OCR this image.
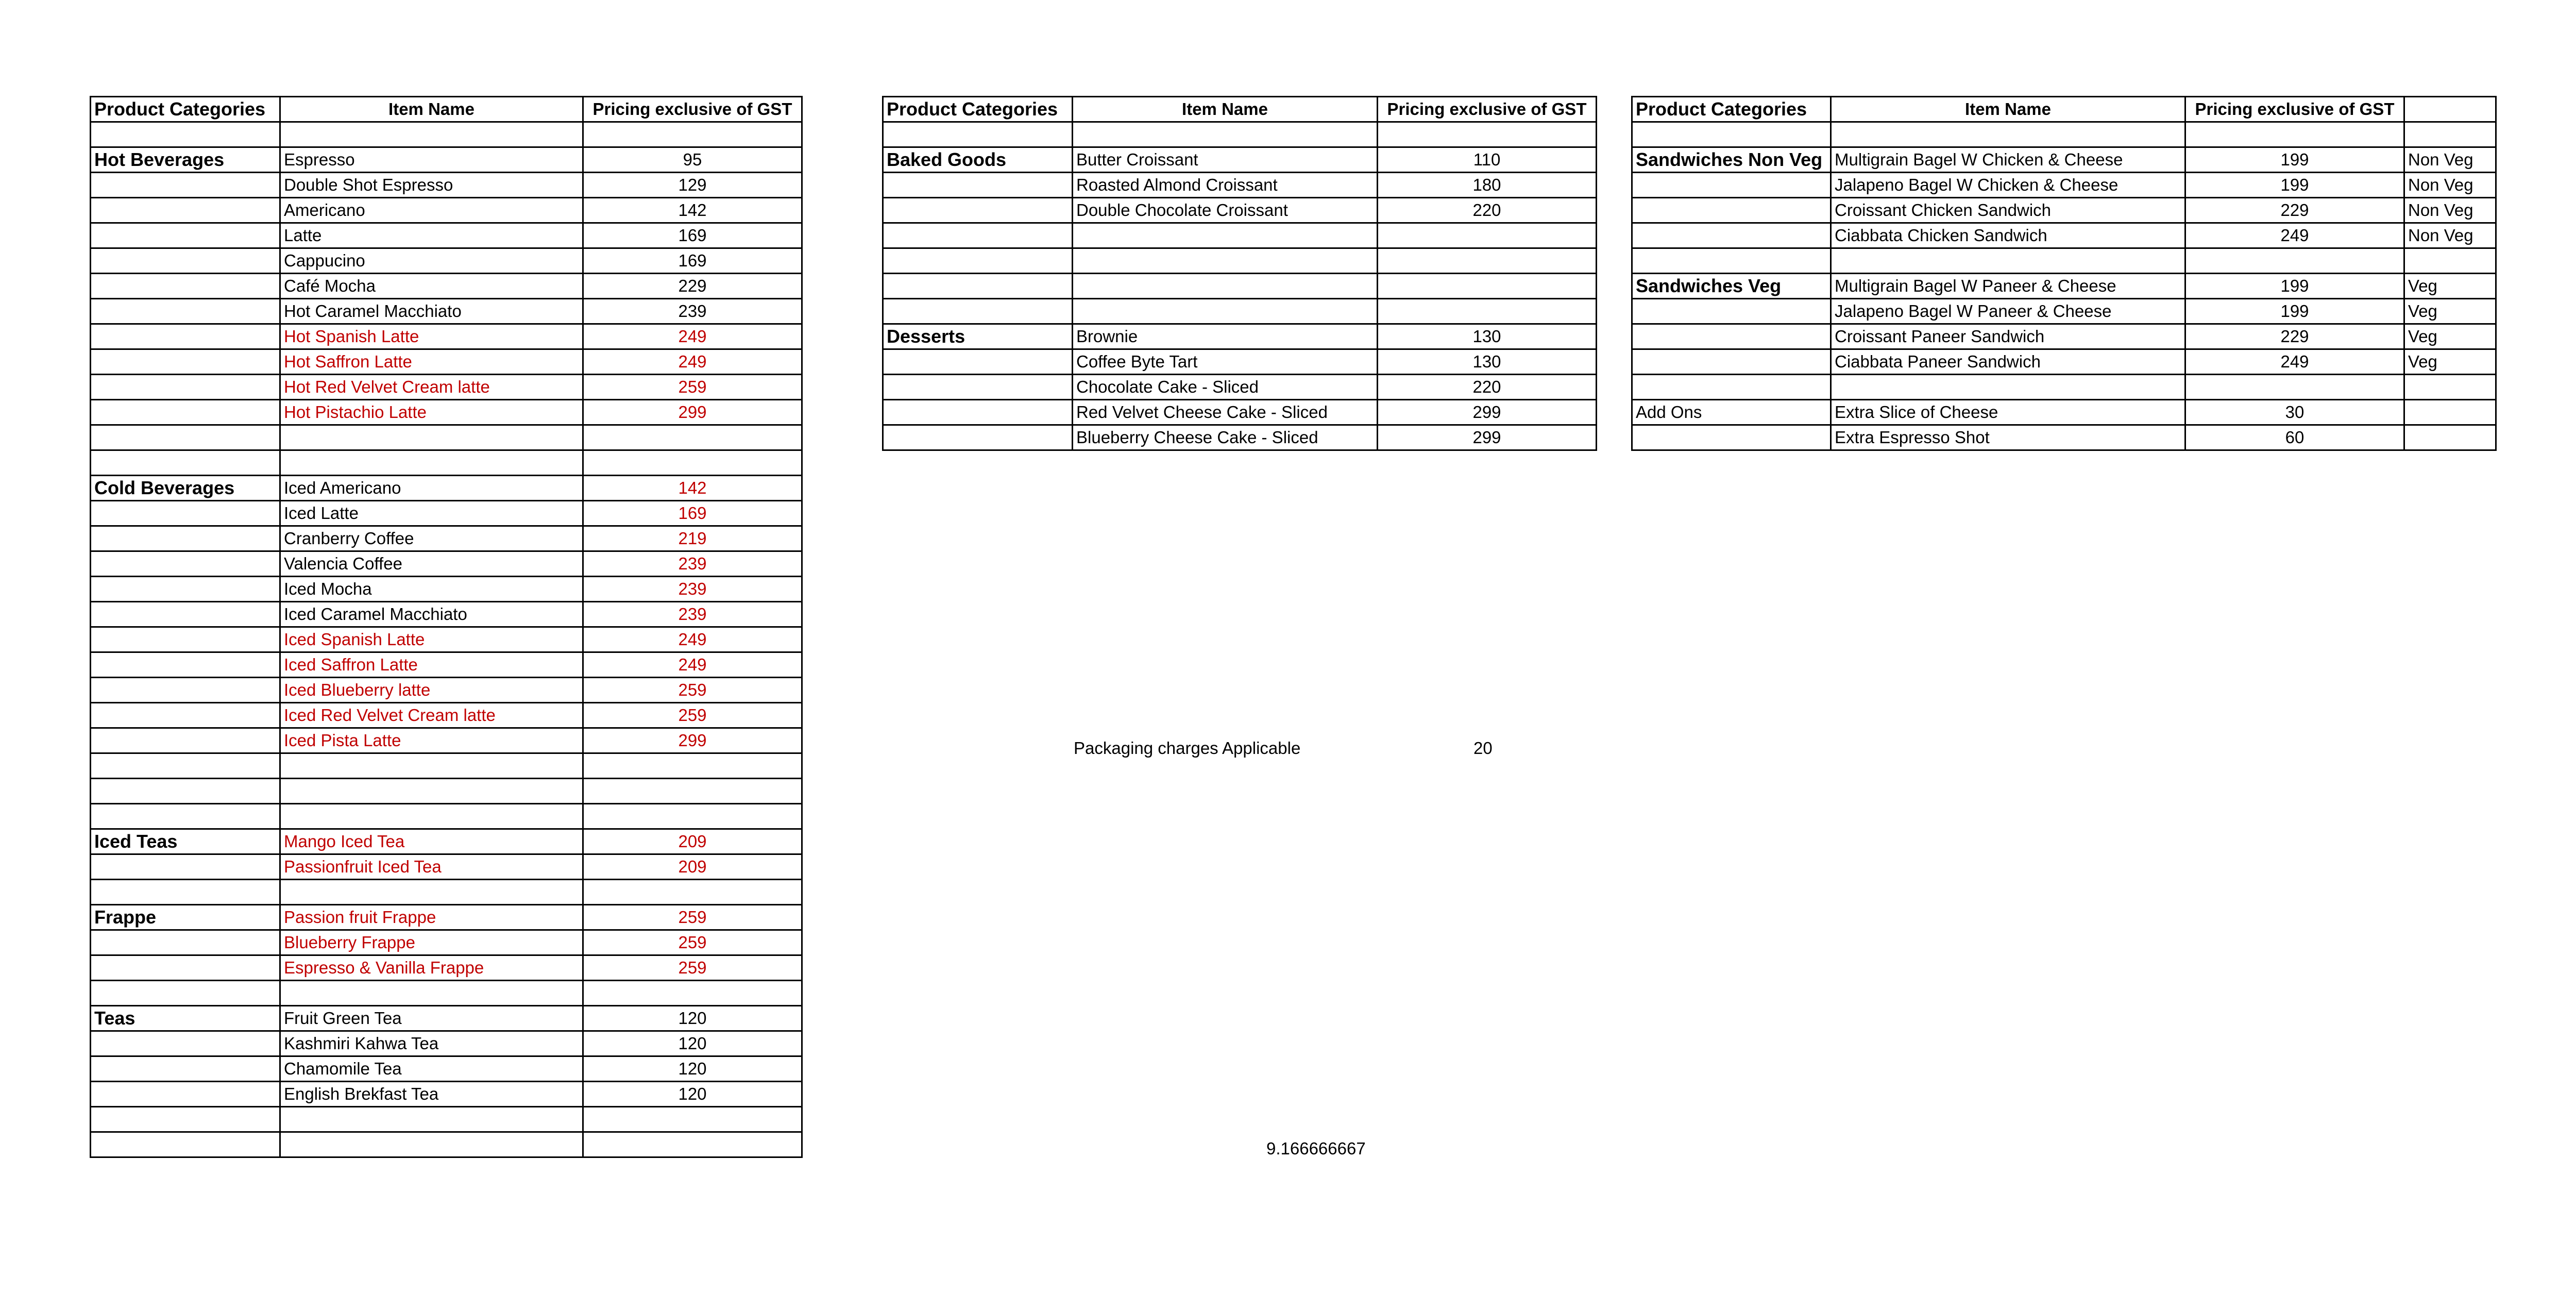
Product Categories	Item Name	Pricing exclusive of GST

Hot Beverages	Espresso	95
	Double Shot Espresso	129
	Americano	142
	Latte	169
	Cappucino	169
	Café Mocha	229
	Hot Caramel Macchiato	239
	Hot Spanish Latte	249
	Hot Saffron Latte	249
	Hot Red Velvet Cream latte	259
	Hot Pistachio Latte	299

Cold Beverages	Iced Americano	142
	Iced Latte	169
	Cranberry Coffee	219
	Valencia Coffee	239
	Iced Mocha	239
	Iced Caramel Macchiato	239
	Iced Spanish Latte	249
	Iced Saffron Latte	249
	Iced Blueberry latte	259
	Iced Red Velvet Cream latte	259
	Iced Pista Latte	299

Iced Teas	Mango Iced Tea	209
	Passionfruit Iced Tea	209

Frappe	Passion fruit Frappe	259
	Blueberry Frappe	259
	Espresso & Vanilla Frappe	259

Teas	Fruit Green Tea	120
	Kashmiri Kahwa Tea	120
	Chamomile Tea	120
	English Brekfast Tea	120

Product Categories	Item Name	Pricing exclusive of GST

Baked Goods	Butter Croissant	110
	Roasted Almond Croissant	180
	Double Chocolate Croissant	220

Desserts	Brownie	130
	Coffee Byte Tart	130
	Chocolate Cake - Sliced	220
	Red Velvet Cheese Cake - Sliced	299
	Blueberry Cheese Cake - Sliced	299
Product Categories	Item Name	Pricing exclusive of GST	

Sandwiches Non Veg	Multigrain Bagel W Chicken & Cheese	199	Non Veg
	Jalapeno Bagel W Chicken & Cheese	199	Non Veg
	Croissant Chicken Sandwich	229	Non Veg
	Ciabbata Chicken Sandwich	249	Non Veg

Sandwiches Veg	Multigrain Bagel W Paneer & Cheese	199	Veg
	Jalapeno Bagel W Paneer & Cheese	199	Veg
	Croissant Paneer Sandwich	229	Veg
	Ciabbata Paneer Sandwich	249	Veg

Add Ons	Extra Slice of Cheese	30	
	Extra Espresso Shot	60	
Packaging charges Applicable	20
9.166666667
